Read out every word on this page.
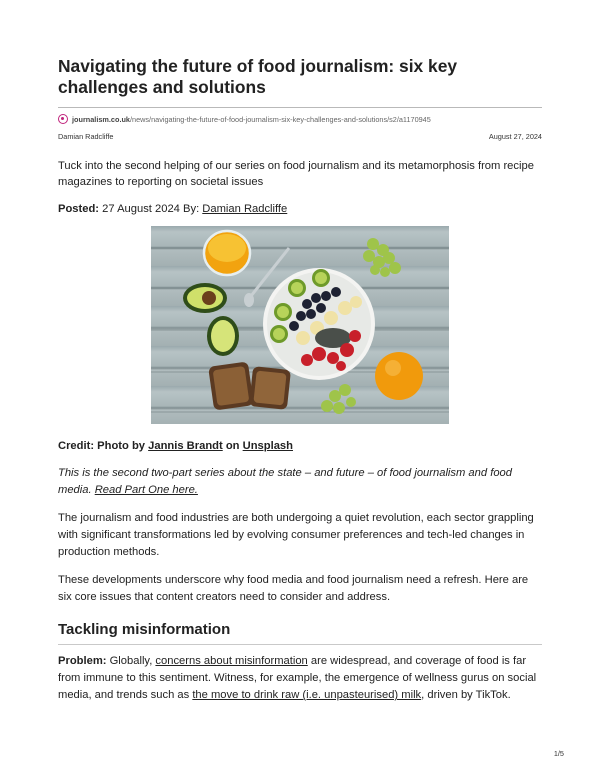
Navigating the future of food journalism: six key challenges and solutions
journalism.co.uk /news/navigating-the-future-of-food-journalism-six-key-challenges-and-solutions/s2/a1170945
Damian Radcliffe	August 27, 2024
Tuck into the second helping of our series on food journalism and its metamorphosis from recipe magazines to reporting on societal issues
Posted: 27 August 2024 By: Damian Radcliffe
Credit: Photo by Jannis Brandt on Unsplash
This is the second two-part series about the state – and future – of food journalism and food media. Read Part One here.
The journalism and food industries are both undergoing a quiet revolution, each sector grappling with significant transformations led by evolving consumer preferences and tech-led changes in production methods.
These developments underscore why food media and food journalism need a refresh. Here are six core issues that content creators need to consider and address.
Tackling misinformation
Problem: Globally, concerns about misinformation are widespread, and coverage of food is far from immune to this sentiment. Witness, for example, the emergence of wellness gurus on social media, and trends such as the move to drink raw (i.e. unpasteurised) milk, driven by TikTok.
1/5
